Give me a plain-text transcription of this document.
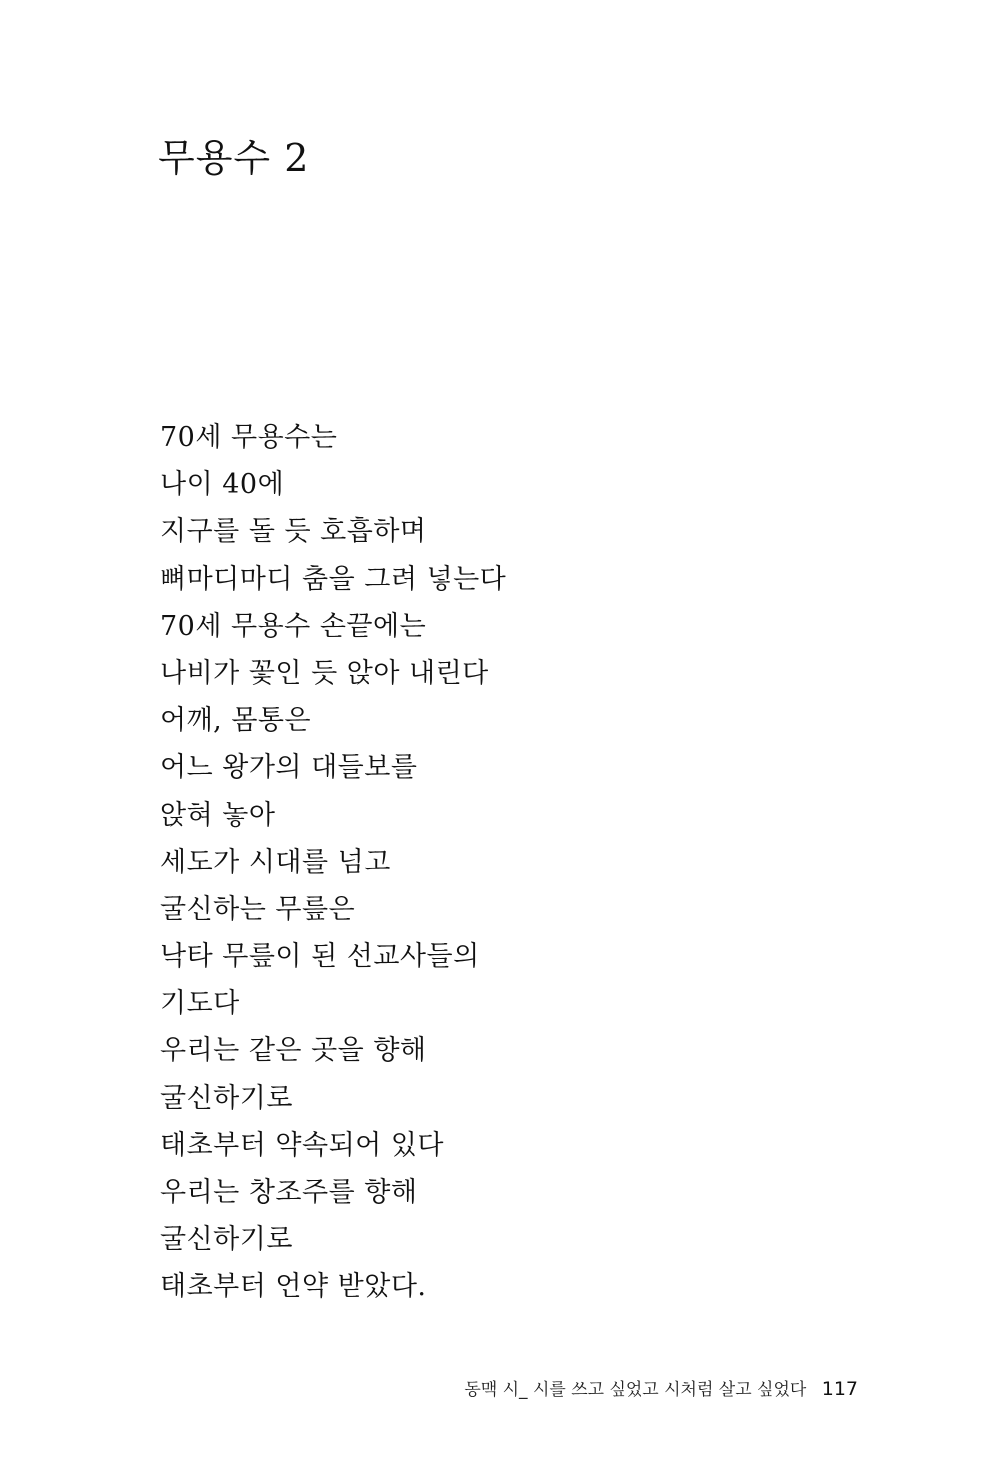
무용수 2
70세 무용수는
나이 40에
지구를 돌 듯 호흡하며
뼈마디마디 춤을 그려 넣는다
70세 무용수 손끝에는
나비가 꽃인 듯 앉아 내린다
어깨, 몸통은
어느 왕가의 대들보를
앉혀 놓아
세도가 시대를 넘고
굴신하는 무릎은
낙타 무릎이 된 선교사들의
기도다
우리는 같은 곳을 향해
굴신하기로
태초부터 약속되어 있다
우리는 창조주를 향해
굴신하기로
태초부터 언약 받았다.
동맥 시_ 시를 쓰고 싶었고 시처럼 살고 싶었다 117
